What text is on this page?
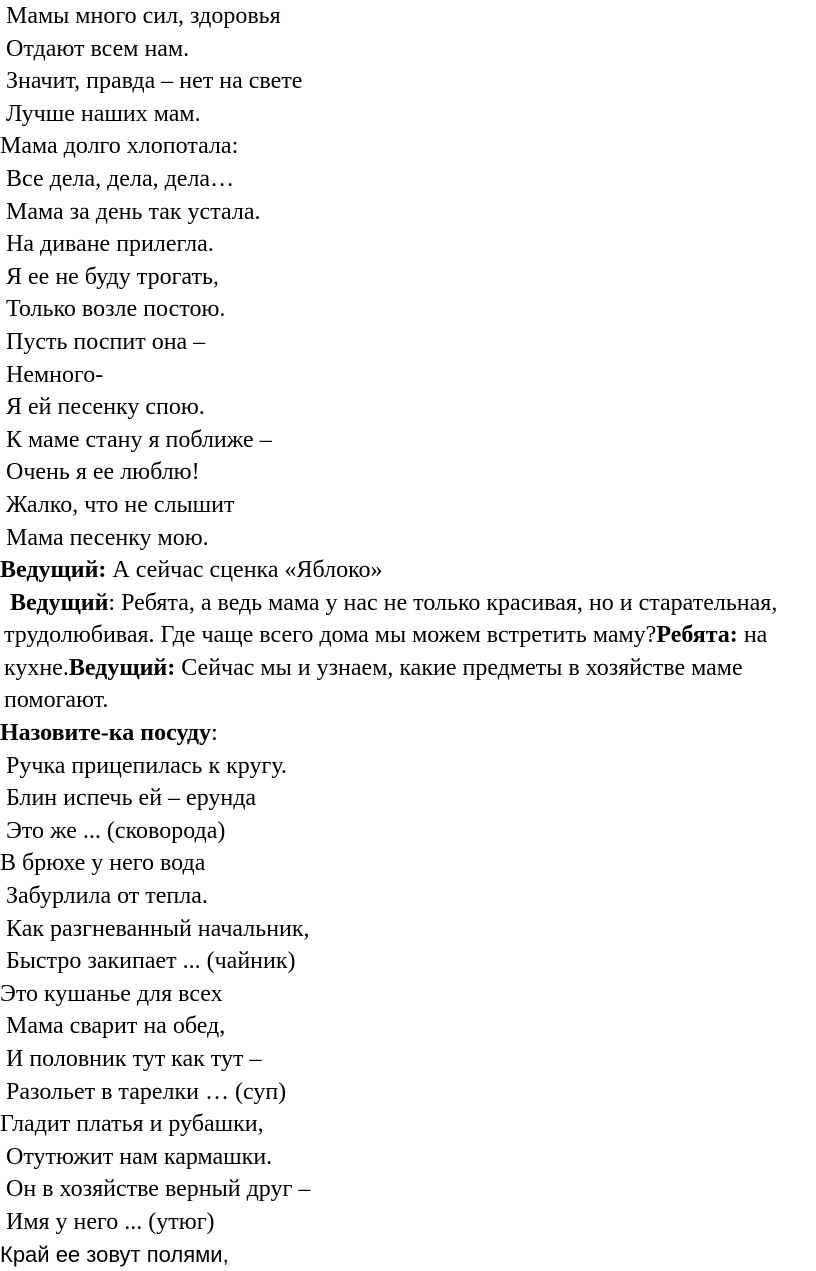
Мамы много сил, здоровья
Отдают всем нам.
Значит, правда – нет на свете
Лучше наших мам.
Мама долго хлопотала:
Все дела, дела, дела…
Мама за день так устала.
На диване прилегла.
Я ее не буду трогать,
Только возле постою.
Пусть поспит она –
Немного-
Я ей песенку спою.
К маме стану я поближе –
Очень я ее люблю!
Жалко, что не слышит
Мама песенку мою.
Ведущий: А сейчас сценка «Яблоко»

Ведущий: Ребята, а ведь мама у нас не только красивая, но и старательная, трудолюбивая. Где чаще всего дома мы можем встретить маму?Ребята: на кухне.Ведущий: Сейчас мы и узнаем, какие предметы в хозяйстве маме помогают.

Назовите-ка посуду:
Ручка прицепилась к кругу.
Блин испечь ей – ерунда
Это же ... (сковорода)
В брюхе у него вода
Забурлила от тепла.
Как разгневанный начальник,
Быстро закипает ... (чайник)
Это кушанье для всех
Мама сварит на обед,
И половник тут как тут –
Разольет в тарелки … (суп)
Гладит платья и рубашки,
Отутюжит нам кармашки.
Он в хозяйстве верный друг –
Имя у него ... (утюг)
Край ее зовут полями,
